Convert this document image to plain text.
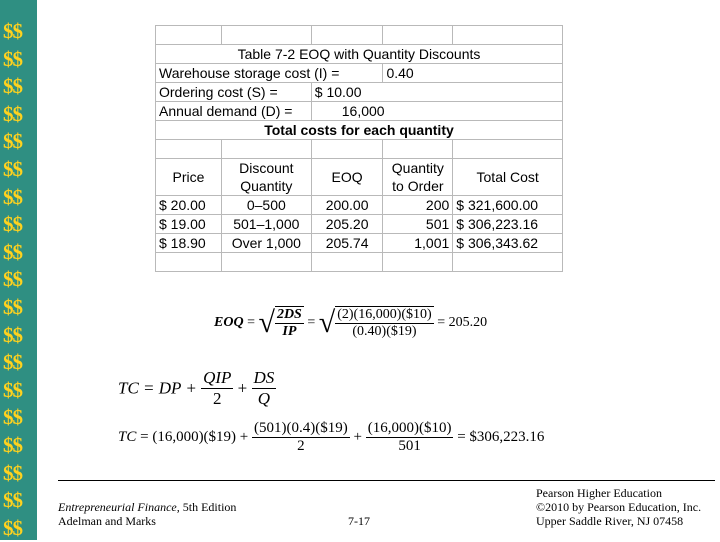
$$
$$
$$
$$
$$
$$
$$
$$
$$
$$
$$
$$
$$
$$
$$
$$
$$
$$
$$

Table 7-2 EOQ with Quantity Discounts				
Warehouse storage cost (I) =			0.40	
Ordering cost (S) =		$ 10.00		
Annual demand (D) =		16,000		
Total costs for each quantity				

Price	Discount Quantity	EOQ	Quantity to Order	Total Cost
$ 20.00	0–500	200.00	200	$ 321,600.00
$ 19.00	501–1,000	205.20	501	$ 306,223.16
$ 18.90	Over 1,000	205.74	1,001	$ 306,343.62

EOQ = √ $\frac{2DS}{IP}$ = √ $\frac{(2)(16,000)(\$10)}{(0.40)(\$19)} = 205.20$
TC = DP + $\frac{\text{QIP}}{2} + \frac{DS}{Q}$
TC = (16,000)($19) + $\frac{(501)(0.4)(\$19)}{2} + \frac{(16,000)(\$10)}{501}$ = $306,223.16
Entrepreneurial Finance, 5th Edition
Adelman and Marks	7-17
Pearson Higher Education
©2010 by Pearson Education, Inc.
Upper Saddle River, NJ 07458
